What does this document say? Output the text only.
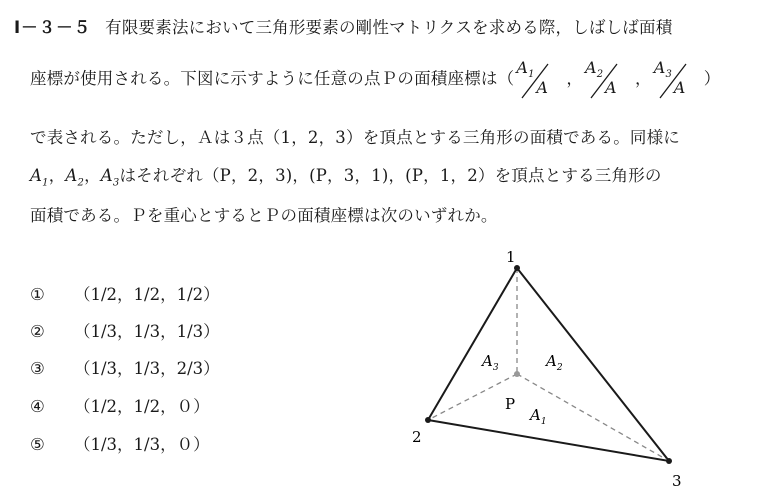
Ⅰ－３－５ 有限要素法において三角形要素の剛性マトリクスを求める際，しばしば面積
座標が使用される。下図に示すように任意の点Ｐの面積座標は（
$A_1$
A ，
$A_2$
A ，
$A_3$
A ）
で表される。ただし，Ａは３点（1，2，3）を頂点とする三角形の面積である。同様に
$A_1$，$A_2$，$A_3$はそれぞれ（P，2，3)，(P，3，1)，(P，1，2）を頂点とする三角形の
面積である。Ｐを重心とするとＰの面積座標は次のいずれか。
① （1/2，1/2，1/2）
② （1/3，1/3，1/3）
③ （1/3，1/3，2/3）
④ （1/2，1/2，０）
⑤ （1/3，1/3，０）
1
2
3
P
$A_3$	$A_2$
$A_1$
